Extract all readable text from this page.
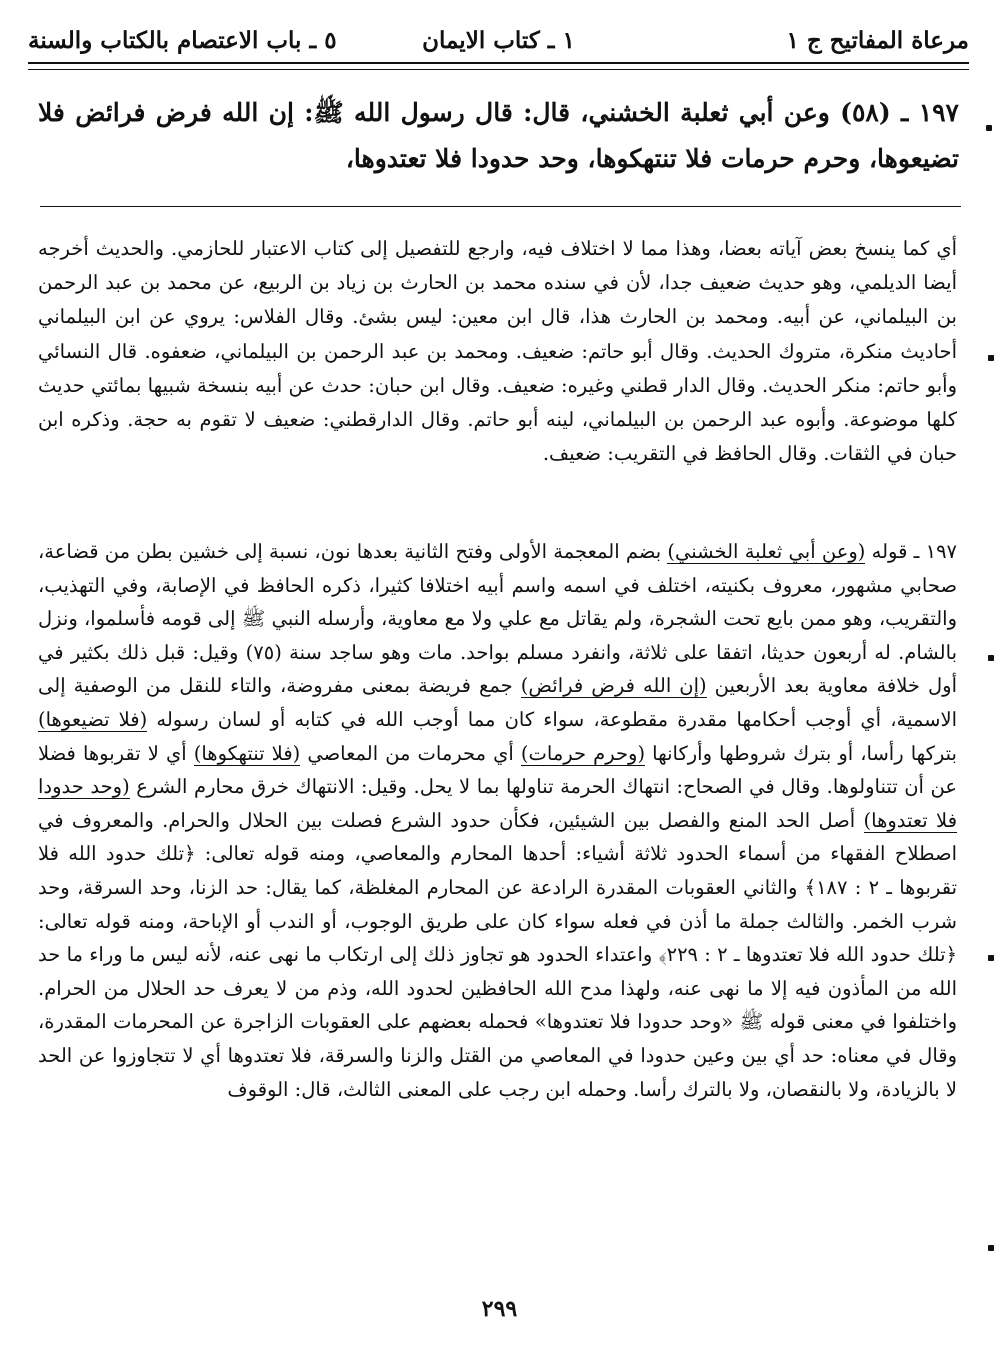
مرعاة المفاتيح ج ١
١ ـ كتاب الايمان
٥ ـ باب الاعتصام بالكتاب والسنة
١٩٧ ـ (٥٨) وعن أبي ثعلبة الخشني، قال: قال رسول الله ﷺ: إن الله فرض فرائض فلا تضيعوها، وحرم حرمات فلا تنتهكوها، وحد حدودا فلا تعتدوها،

أي كما ينسخ بعض آياته بعضا، وهذا مما لا اختلاف فيه، وارجع للتفصيل إلى كتاب الاعتبار للحازمي. والحديث أخرجه أيضا الديلمي، وهو حديث ضعيف جدا، لأن في سنده محمد بن الحارث بن زياد بن الربيع، عن محمد بن عبد الرحمن بن البيلماني، عن أبيه. ومحمد بن الحارث هذا، قال ابن معين: ليس بشئ. وقال الفلاس: يروي عن ابن البيلماني أحاديث منكرة، متروك الحديث. وقال أبو حاتم: ضعيف. ومحمد بن عبد الرحمن بن البيلماني، ضعفوه. قال النسائي وأبو حاتم: منكر الحديث. وقال الدار قطني وغيره: ضعيف. وقال ابن حبان: حدث عن أبيه بنسخة شبيها بمائتي حديث كلها موضوعة. وأبوه عبد الرحمن بن البيلماني، لينه أبو حاتم. وقال الدارقطني: ضعيف لا تقوم به حجة. وذكره ابن حبان في الثقات. وقال الحافظ في التقريب: ضعيف.

١٩٧ ـ قوله (وعن أبي ثعلبة الخشني) بضم المعجمة الأولى وفتح الثانية بعدها نون، نسبة إلى خشين بطن من قضاعة، صحابي مشهور، معروف بكنيته، اختلف في اسمه واسم أبيه اختلافا كثيرا، ذكره الحافظ في الإصابة، وفي التهذيب، والتقريب، وهو ممن بايع تحت الشجرة، ولم يقاتل مع علي ولا مع معاوية، وأرسله النبي ﷺ إلى قومه فأسلموا، ونزل بالشام. له أربعون حديثا، اتفقا على ثلاثة، وانفرد مسلم بواحد. مات وهو ساجد سنة (٧٥) وقيل: قبل ذلك بكثير في أول خلافة معاوية بعد الأربعين (إن الله فرض فرائض) جمع فريضة بمعنى مفروضة، والتاء للنقل من الوصفية إلى الاسمية، أي أوجب أحكامها مقدرة مقطوعة، سواء كان مما أوجب الله في كتابه أو لسان رسوله (فلا تضيعوها) بتركها رأسا، أو بترك شروطها وأركانها (وحرم حرمات) أي محرمات من المعاصي (فلا تنتهكوها) أي لا تقربوها فضلا عن أن تتناولوها. وقال في الصحاح: انتهاك الحرمة تناولها بما لا يحل. وقيل: الانتهاك خرق محارم الشرع (وحد حدودا فلا تعتدوها) أصل الحد المنع والفصل بين الشيئين، فكأن حدود الشرع فصلت بين الحلال والحرام. والمعروف في اصطلاح الفقهاء من أسماء الحدود ثلاثة أشياء: أحدها المحارم والمعاصي، ومنه قوله تعالى: ﴿تلك حدود الله فلا تقربوها ـ ٢ : ١٨٧﴾ والثاني العقوبات المقدرة الرادعة عن المحارم المغلظة، كما يقال: حد الزنا، وحد السرقة، وحد شرب الخمر. والثالث جملة ما أذن في فعله سواء كان على طريق الوجوب، أو الندب أو الإباحة، ومنه قوله تعالى: ﴿تلك حدود الله فلا تعتدوها ـ ٢ : ٢٢٩﴾ واعتداء الحدود هو تجاوز ذلك إلى ارتكاب ما نهى عنه، لأنه ليس ما وراء ما حد الله من المأذون فيه إلا ما نهى عنه، ولهذا مدح الله الحافظين لحدود الله، وذم من لا يعرف حد الحلال من الحرام. واختلفوا في معنى قوله ﷺ «وحد حدودا فلا تعتدوها» فحمله بعضهم على العقوبات الزاجرة عن المحرمات المقدرة، وقال في معناه: حد أي بين وعين حدودا في المعاصي من القتل والزنا والسرقة، فلا تعتدوها أي لا تتجاوزوا عن الحد لا بالزيادة، ولا بالنقصان، ولا بالترك رأسا. وحمله ابن رجب على المعنى الثالث، قال: الوقوف

٢٩٩
